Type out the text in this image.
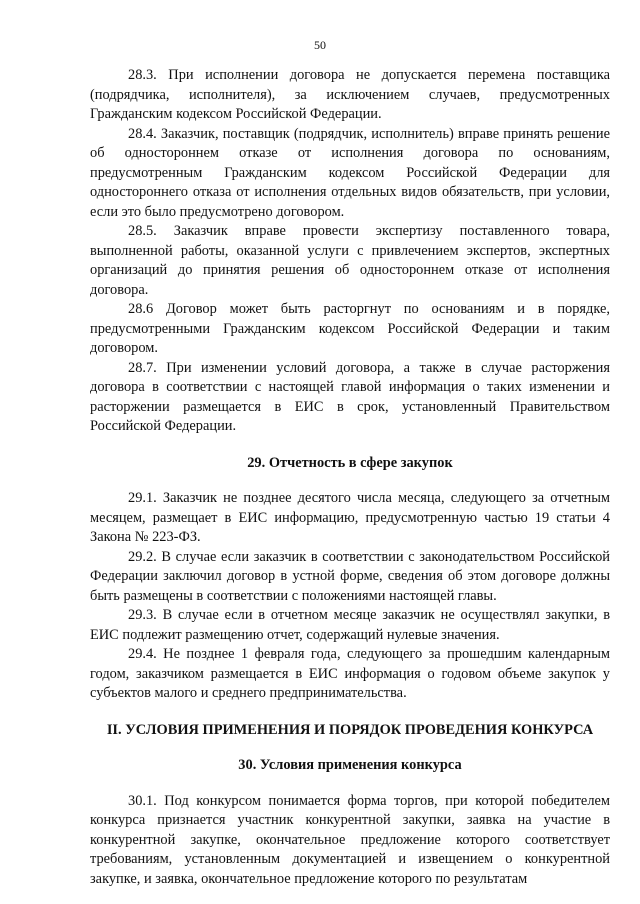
50

28.3. При исполнении договора не допускается перемена поставщика (подрядчика, исполнителя), за исключением случаев, предусмотренных Гражданским кодексом Российской Федерации.

28.4. Заказчик, поставщик (подрядчик, исполнитель) вправе принять решение об одностороннем отказе от исполнения договора по основаниям, предусмотренным Гражданским кодексом Российской Федерации для одностороннего отказа от исполнения отдельных видов обязательств, при условии, если это было предусмотрено договором.

28.5. Заказчик вправе провести экспертизу поставленного товара, выполненной работы, оказанной услуги с привлечением экспертов, экспертных организаций до принятия решения об одностороннем отказе от исполнения договора.

28.6 Договор может быть расторгнут по основаниям и в порядке, предусмотренными Гражданским кодексом Российской Федерации и таким договором.

28.7. При изменении условий договора, а также в случае расторжения договора в соответствии с настоящей главой информация о таких изменении и расторжении размещается в ЕИС в срок, установленный Правительством Российской Федерации.

29. Отчетность в сфере закупок

29.1. Заказчик не позднее десятого числа месяца, следующего за отчетным месяцем, размещает в ЕИС информацию, предусмотренную частью 19 статьи 4 Закона № 223-ФЗ.

29.2. В случае если заказчик в соответствии с законодательством Российской Федерации заключил договор в устной форме, сведения об этом договоре должны быть размещены в соответствии с положениями настоящей главы.

29.3. В случае если в отчетном месяце заказчик не осуществлял закупки, в ЕИС подлежит размещению отчет, содержащий нулевые значения.

29.4. Не позднее 1 февраля года, следующего за прошедшим календарным годом, заказчиком размещается в ЕИС информация о годовом объеме закупок у субъектов малого и среднего предпринимательства.

II. УСЛОВИЯ ПРИМЕНЕНИЯ И ПОРЯДОК ПРОВЕДЕНИЯ КОНКУРСА
30. Условия применения конкурса

30.1. Под конкурсом понимается форма торгов, при которой победителем конкурса признается участник конкурентной закупки, заявка на участие в конкурентной закупке, окончательное предложение которого соответствует требованиям, установленным документацией и извещением о конкурентной закупке, и заявка, окончательное предложение которого по результатам
